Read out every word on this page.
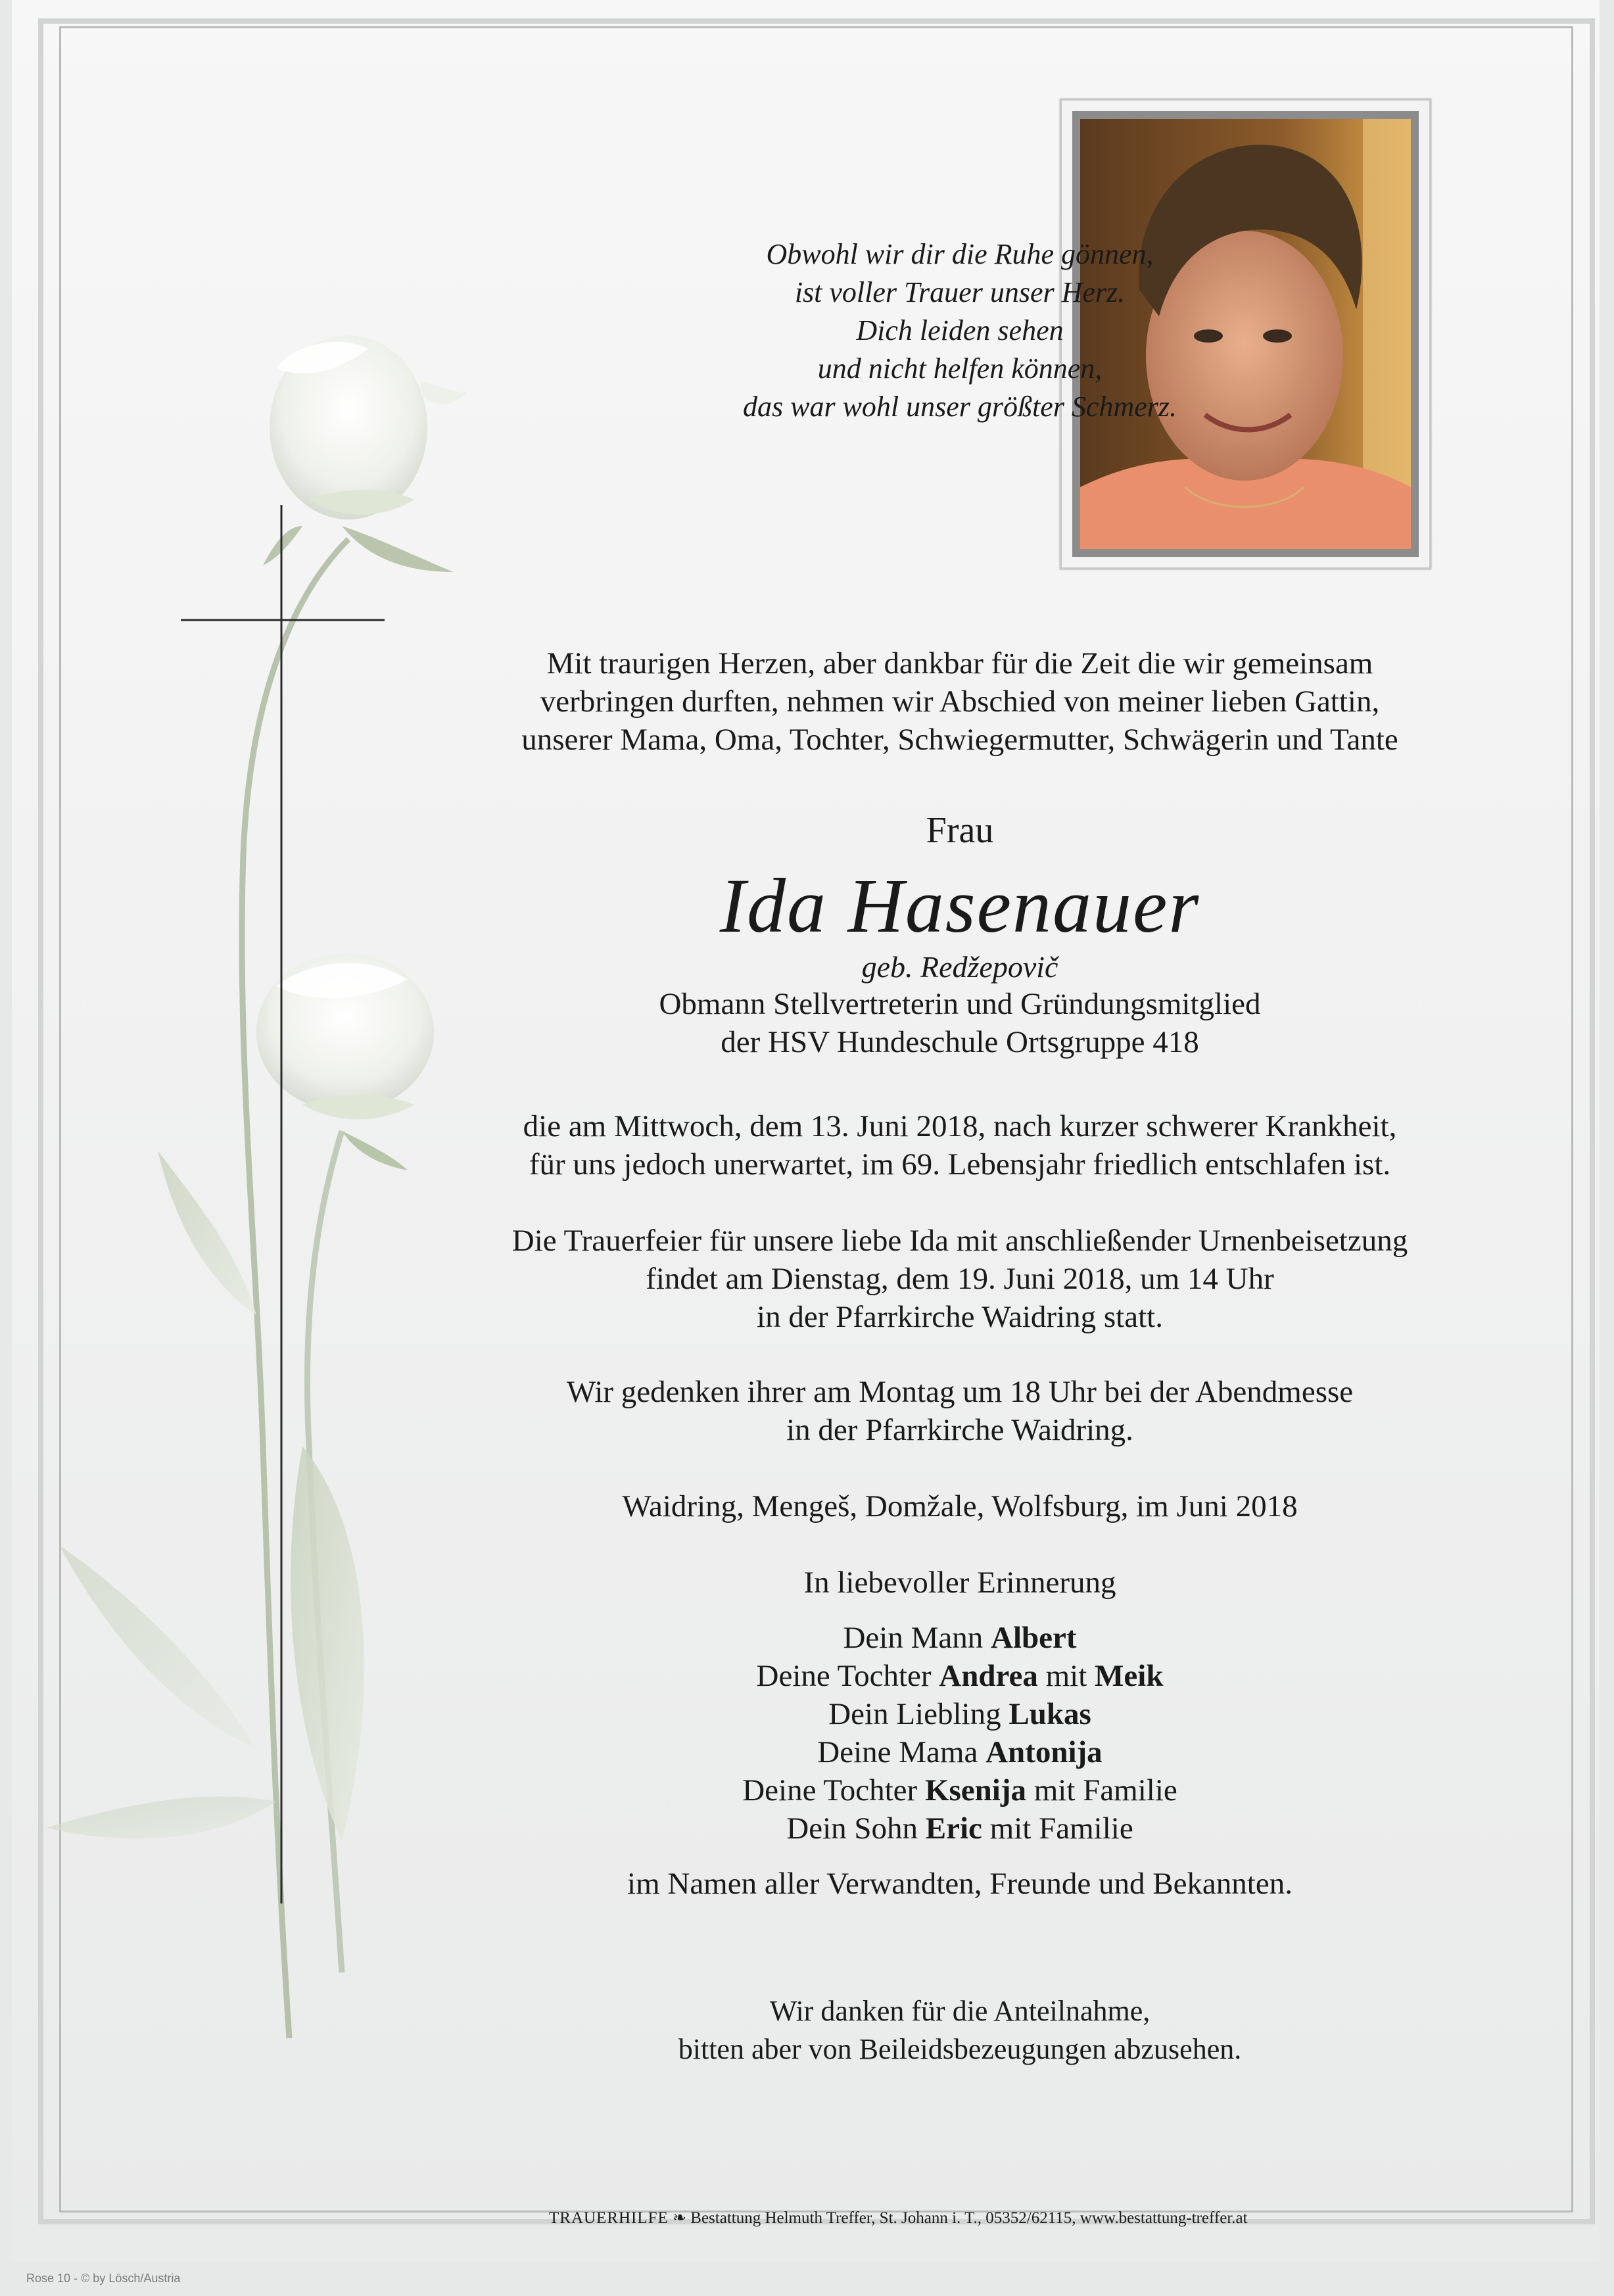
Obwohl wir dir die Ruhe gönnen,
ist voller Trauer unser Herz.
Dich leiden sehen
und nicht helfen können,
das war wohl unser größter Schmerz.
Mit traurigen Herzen, aber dankbar für die Zeit die wir gemeinsam
verbringen durften, nehmen wir Abschied von meiner lieben Gattin,
unserer Mama, Oma, Tochter, Schwiegermutter, Schwägerin und Tante
Frau
Ida Hasenauer
geb. Redžepovič
Obmann Stellvertreterin und Gründungsmitglied
der HSV Hundeschule Ortsgruppe 418
die am Mittwoch, dem 13. Juni 2018, nach kurzer schwerer Krankheit,
für uns jedoch unerwartet, im 69. Lebensjahr friedlich entschlafen ist.
Die Trauerfeier für unsere liebe Ida mit anschließender Urnenbeisetzung
findet am Dienstag, dem 19. Juni 2018, um 14 Uhr
in der Pfarrkirche Waidring statt.
Wir gedenken ihrer am Montag um 18 Uhr bei der Abendmesse
in der Pfarrkirche Waidring.
Waidring, Mengeš, Domžale, Wolfsburg, im Juni 2018
In liebevoller Erinnerung
Dein Mann Albert
Deine Tochter Andrea mit Meik
Dein Liebling Lukas
Deine Mama Antonija
Deine Tochter Ksenija mit Familie
Dein Sohn Eric mit Familie
im Namen aller Verwandten, Freunde und Bekannten.
Wir danken für die Anteilnahme,
bitten aber von Beileidsbezeugungen abzusehen.
TRAUERHILFE ❧ Bestattung Helmuth Treffer, St. Johann i. T., 05352/62115, www.bestattung-treffer.at
Rose 10 - © by Lösch/Austria
